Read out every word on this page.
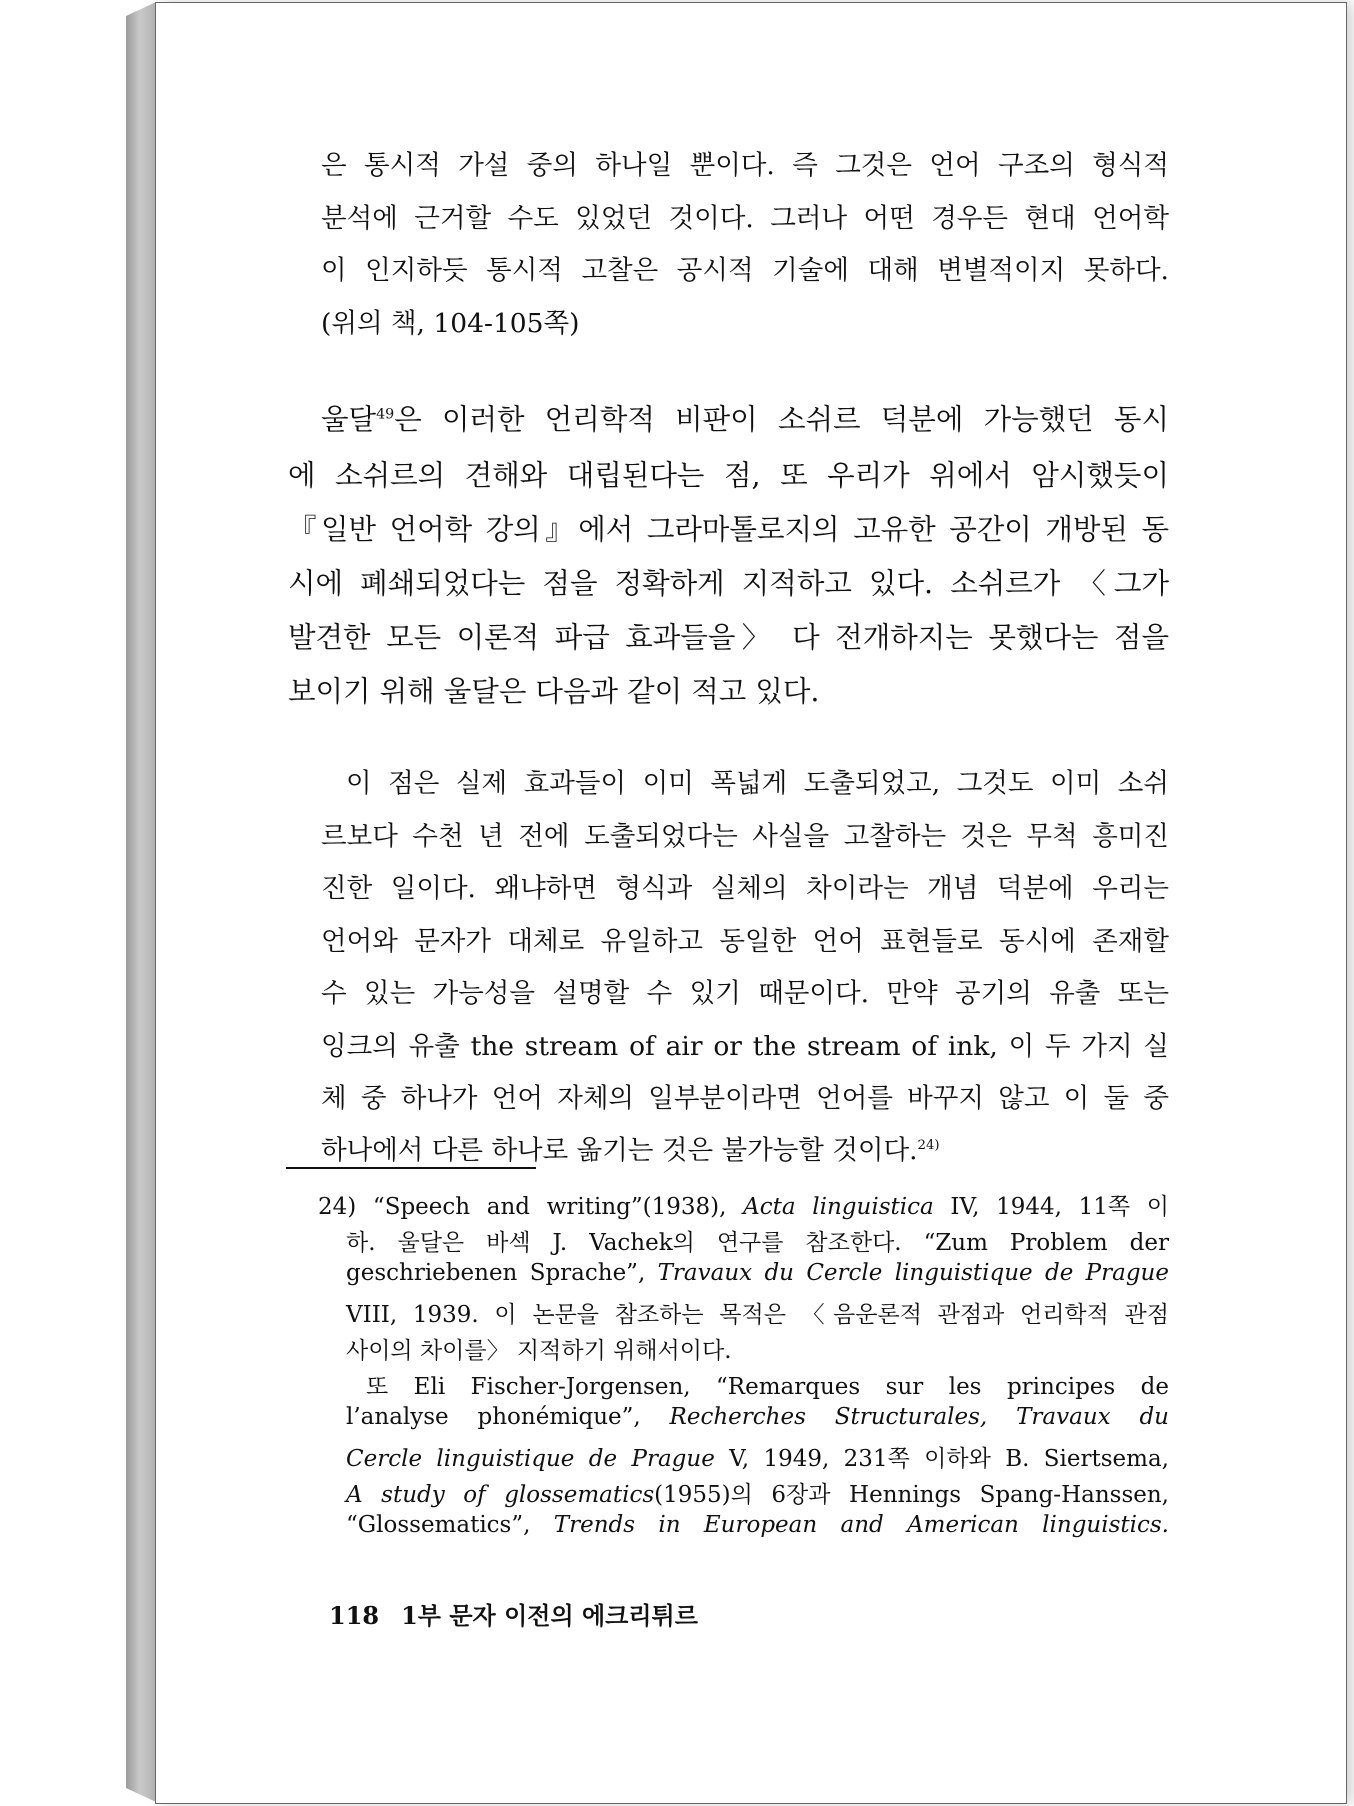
은 통시적 가설 중의 하나일 뿐이다. 즉 그것은 언어 구조의 형식적
분석에 근거할 수도 있었던 것이다. 그러나 어떤 경우든 현대 언어학
이 인지하듯 통시적 고찰은 공시적 기술에 대해 변별적이지 못하다.
(위의 책, 104-105쪽)
울달$^{49}$은 이러한 언리학적 비판이 소쉬르 덕분에 가능했던 동시
에 소쉬르의 견해와 대립된다는 점, 또 우리가 위에서 암시했듯이
『일반 언어학 강의』에서 그라마톨로지의 고유한 공간이 개방된 동
시에 폐쇄되었다는 점을 정확하게 지적하고 있다. 소쉬르가 〈그가
발견한 모든 이론적 파급 효과들을〉 다 전개하지는 못했다는 점을
보이기 위해 울달은 다음과 같이 적고 있다.
이 점은 실제 효과들이 이미 폭넓게 도출되었고, 그것도 이미 소쉬
르보다 수천 년 전에 도출되었다는 사실을 고찰하는 것은 무척 흥미진
진한 일이다. 왜냐하면 형식과 실체의 차이라는 개념 덕분에 우리는
언어와 문자가 대체로 유일하고 동일한 언어 표현들로 동시에 존재할
수 있는 가능성을 설명할 수 있기 때문이다. 만약 공기의 유출 또는
잉크의 유출 the stream of air or the stream of ink, 이 두 가지 실
체 중 하나가 언어 자체의 일부분이라면 언어를 바꾸지 않고 이 둘 중
하나에서 다른 하나로 옮기는 것은 불가능할 것이다.$^{24)}$
24) “Speech and writing”(1938), Acta linguistica IV, 1944, 11쪽 이
하. 울달은 바섹 J. Vachek의 연구를 참조한다. “Zum Problem der
geschriebenen Sprache”, Travaux du Cercle linguistique de Prague
VIII, 1939. 이 논문을 참조하는 목적은 〈음운론적 관점과 언리학적 관점
사이의 차이를〉 지적하기 위해서이다.
또 Eli Fischer-Jorgensen, “Remarques sur les principes de
l’analyse phonémique”, Recherches Structurales, Travaux du
Cercle linguistique de Prague V, 1949, 231쪽 이하와 B. Siertsema,
A study of glossematics(1955)의 6장과 Hennings Spang-Hanssen,
“Glossematics”, Trends in European and American linguistics.
118 1부 문자 이전의 에크리튀르
